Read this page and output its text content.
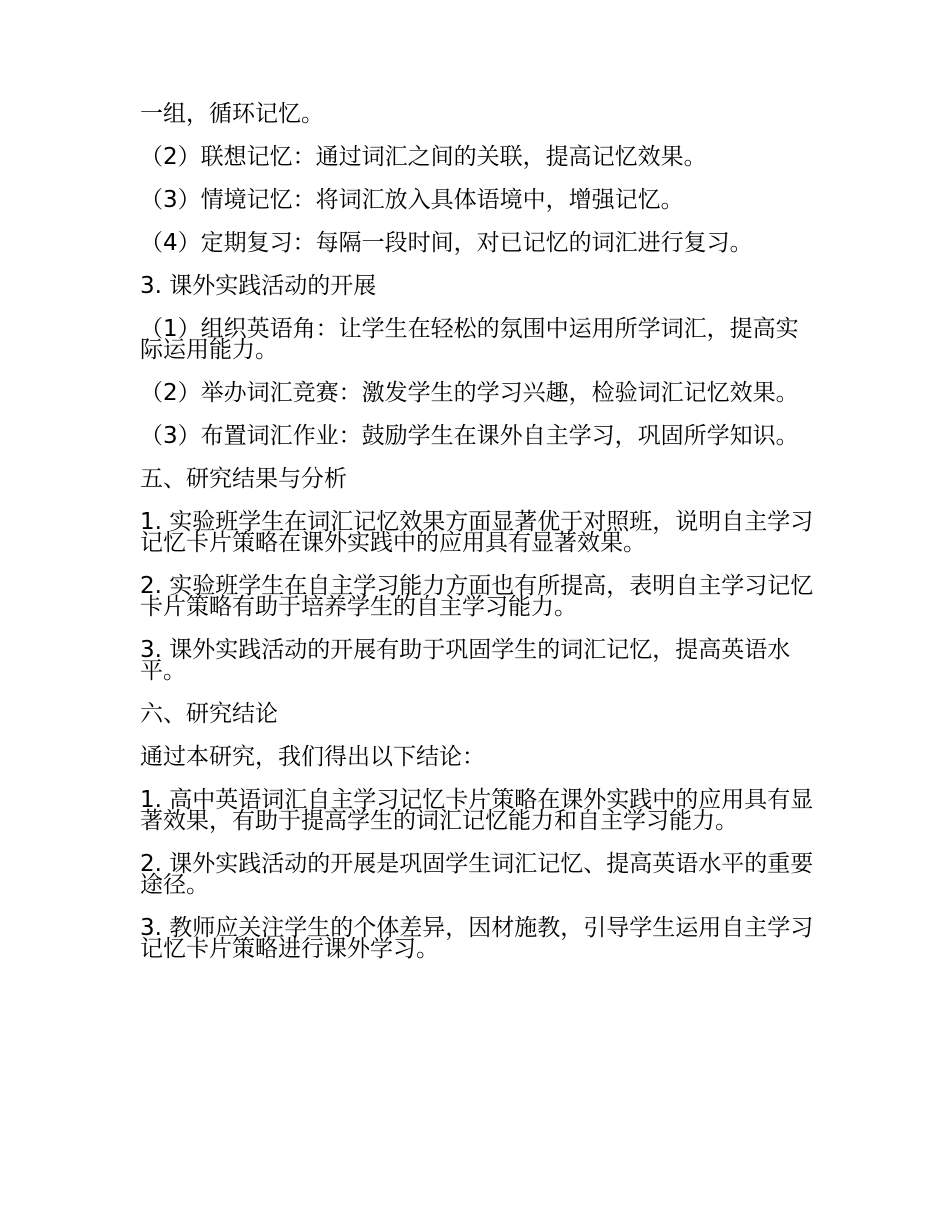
一组，循环记忆。

（2）联想记忆：通过词汇之间的关联，提高记忆效果。

（3）情境记忆：将词汇放入具体语境中，增强记忆。

（4）定期复习：每隔一段时间，对已记忆的词汇进行复习。

3. 课外实践活动的开展

（1）组织英语角：让学生在轻松的氛围中运用所学词汇，提高实际运用能力。

（2）举办词汇竞赛：激发学生的学习兴趣，检验词汇记忆效果。

（3）布置词汇作业：鼓励学生在课外自主学习，巩固所学知识。

五、研究结果与分析

1. 实验班学生在词汇记忆效果方面显著优于对照班，说明自主学习记忆卡片策略在课外实践中的应用具有显著效果。

2. 实验班学生在自主学习能力方面也有所提高，表明自主学习记忆卡片策略有助于培养学生的自主学习能力。

3. 课外实践活动的开展有助于巩固学生的词汇记忆，提高英语水平。

六、研究结论

通过本研究，我们得出以下结论：

1. 高中英语词汇自主学习记忆卡片策略在课外实践中的应用具有显著效果，有助于提高学生的词汇记忆能力和自主学习能力。

2. 课外实践活动的开展是巩固学生词汇记忆、提高英语水平的重要途径。

3. 教师应关注学生的个体差异，因材施教，引导学生运用自主学习记忆卡片策略进行课外学习。
